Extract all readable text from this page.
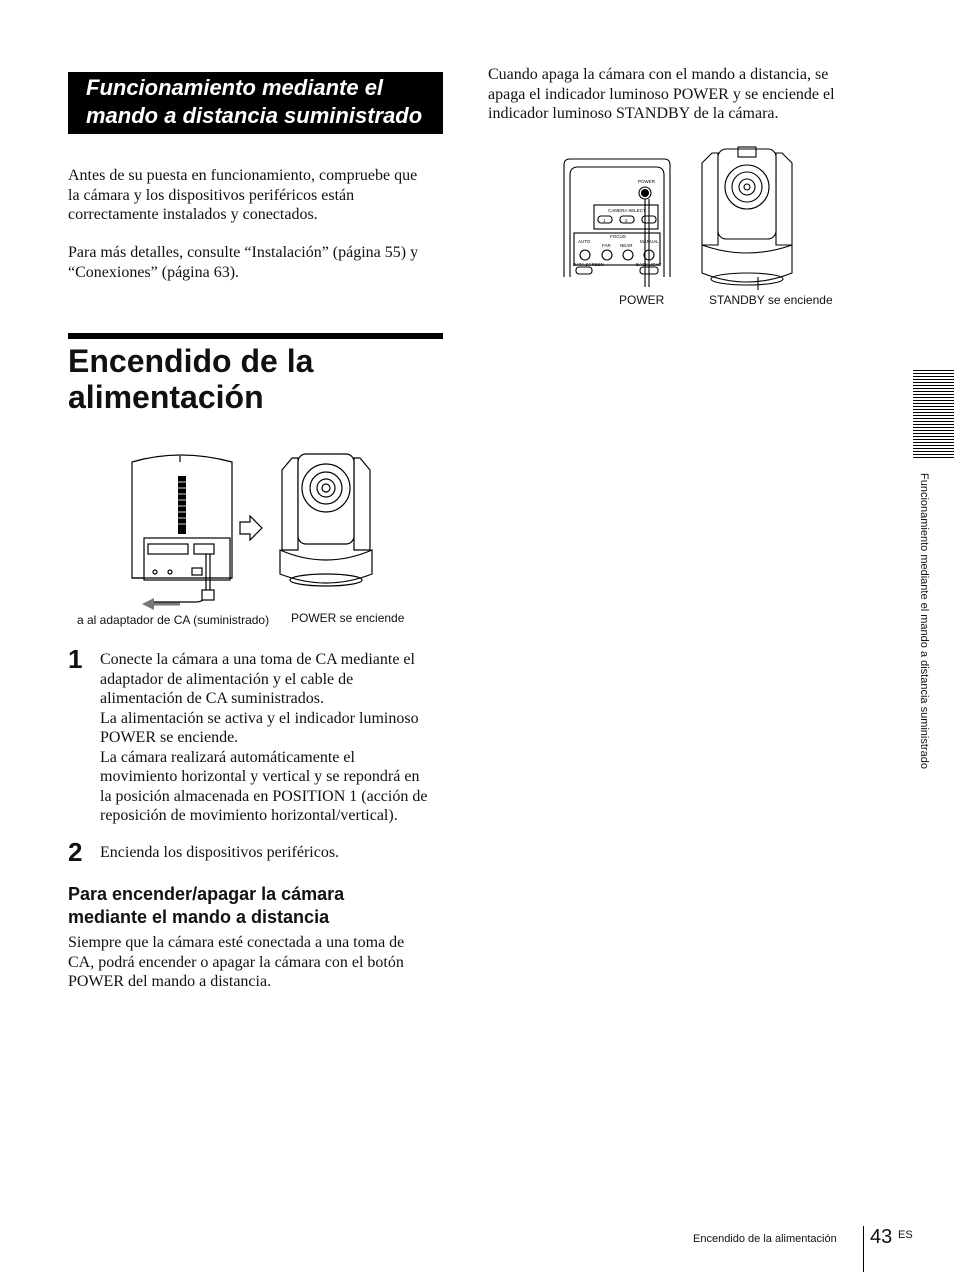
Funcionamiento mediante el
mando a distancia suministrado
Antes de su puesta en funcionamiento, compruebe que
la cámara y los dispositivos periféricos están
correctamente instalados y conectados.
Para más detalles, consulte “Instalación” (página 55) y
“Conexiones” (página 63).
Encendido de la
alimentación
a al adaptador de CA (suministrado) POWER se enciende
1 Conecte la cámara a una toma de CA mediante el
adaptador de alimentación y el cable de
alimentación de CA suministrados.
La alimentación se activa y el indicador luminoso
POWER se enciende.
La cámara realizará automáticamente el
movimiento horizontal y vertical y se repondrá en
la posición almacenada en POSITION 1 (acción de
reposición de movimiento horizontal/vertical).
2 Encienda los dispositivos periféricos.
Para encender/apagar la cámara
mediante el mando a distancia
Siempre que la cámara esté conectada a una toma de
CA, podrá encender o apagar la cámara con el botón
POWER del mando a distancia.
Cuando apaga la cámara con el mando a distancia, se
apaga el indicador luminoso POWER y se enciende el
indicador luminoso STANDBY de la cámara.
POWER
CAMERA SELECT
1	2
FOCUS
AUTO	MANUAL
FAR NEAR
DATA SCREEN	BACKLIGHT
POWER	STANDBY se enciende
Funcionamiento mediante el mando a distancia suministrado
Encendido de la alimentación 43 ES
